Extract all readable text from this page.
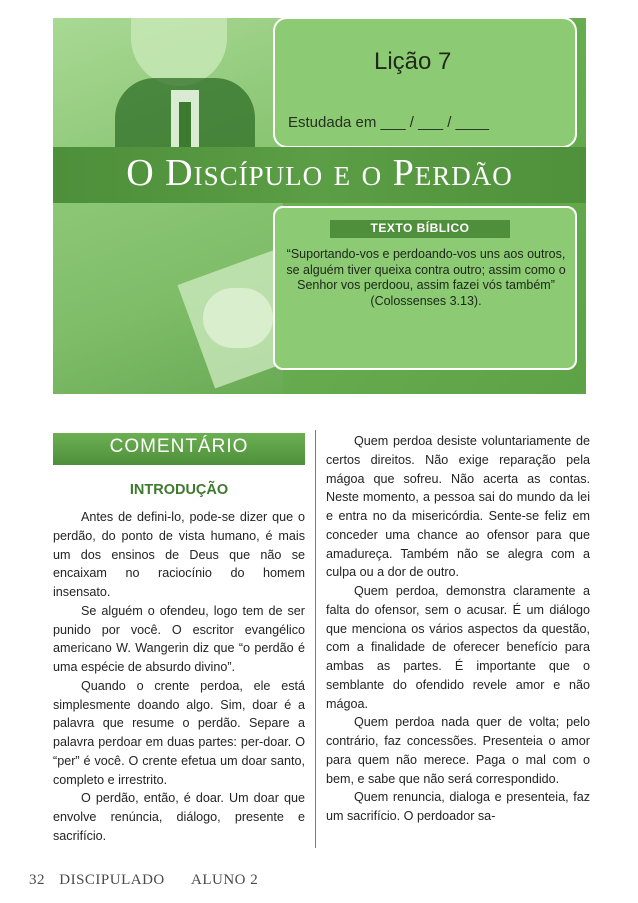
Lição 7
Estudada em ___ / ___ / ____
O Discípulo e o Perdão
TEXTO BÍBLICO
“Suportando-vos e perdoando-vos uns aos outros, se alguém tiver queixa contra outro; assim como o Senhor vos perdoou, assim fazei vós também”
(Colossenses 3.13).
COMENTÁRIO
INTRODUÇÃO

Antes de defini-lo, pode-se dizer que o perdão, do ponto de vista humano, é mais um dos ensinos de Deus que não se encaixam no raciocínio do homem insensato.

Se alguém o ofendeu, logo tem de ser punido por você. O escritor evangélico americano W. Wangerin diz que “o perdão é uma espécie de absurdo divino”.

Quando o crente perdoa, ele está simplesmente doando algo. Sim, doar é a palavra que resume o perdão. Separe a palavra perdoar em duas partes: per-doar. O “per” é você. O crente efetua um doar santo, completo e irrestrito.

O perdão, então, é doar. Um doar que envolve renúncia, diálogo, presente e sacrifício.

Quem perdoa desiste voluntariamente de certos direitos. Não exige reparação pela mágoa que sofreu. Não acerta as contas. Neste momento, a pessoa sai do mundo da lei e entra no da misericórdia. Sente-se feliz em conceder uma chance ao ofensor para que amadureça. Também não se alegra com a culpa ou a dor de outro.

Quem perdoa, demonstra claramente a falta do ofensor, sem o acusar. É um diálogo que menciona os vários aspectos da questão, com a finalidade de oferecer benefício para ambas as partes. É importante que o semblante do ofendido revele amor e não mágoa.

Quem perdoa nada quer de volta; pelo contrário, faz concessões. Presenteia o amor para quem não merece. Paga o mal com o bem, e sabe que não será correspondido.

Quem renuncia, dialoga e presenteia, faz um sacrifício. O perdoador sa-

32 DISCIPULADO ALUNO 2
